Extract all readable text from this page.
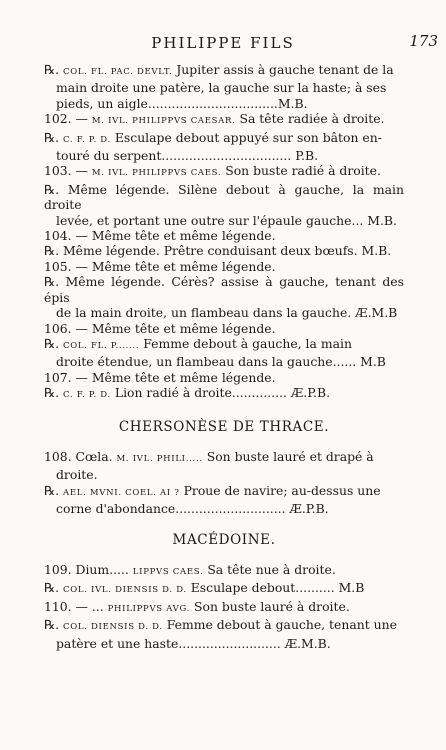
PHILIPPE FILS	173

℞. COL. FL. PAC. DEVLT. Jupiter assis à gauche tenant de la

main droite une patère, la gauche sur la haste; à ses

pieds, un aigle.................................M.B.

102. — M. IVL. PHILIPPVS CAESAR. Sa tête radiée à droite.

℞. C. F. P. D. Esculape debout appuyé sur son bâton en-

touré du serpent................................. P.B.

103. — M. IVL. PHILIPPVS CAES. Son buste radié à droite.

℞. Même légende. Silène debout à gauche, la main droite

levée, et portant une outre sur l'épaule gauche... M.B.

104. — Même tête et même légende.

℞. Même légende. Prêtre conduisant deux bœufs. M.B.

105. — Même tête et même légende.

℞. Même légende. Cérès? assise à gauche, tenant des épis

de la main droite, un flambeau dans la gauche. Æ.M.B

106. — Même tête et même légende.

℞. COL. FL. P....... Femme debout à gauche, la main

droite étendue, un flambeau dans la gauche...... M.B

107. — Même tête et même légende.

℞. C. F. P. D. Lion radié à droite.............. Æ.P.B.

CHERSONÈSE DE THRACE.

108. Cœla. M. IVL. PHILI..... Son buste lauré et drapé à

droite.

℞. AEL. MVNI. COEL. AI ? Proue de navire; au-dessus une

corne d'abondance............................ Æ.P.B.

MACÉDOINE.

109. Dium..... LIPPVS CAES. Sa tête nue à droite.

℞. COL. IVL. DIENSIS D. D. Esculape debout.......... M.B

110. — ... PHILIPPVS AVG. Son buste lauré à droite.

℞. COL. DIENSIS D. D. Femme debout à gauche, tenant une

patère et une haste.......................... Æ.M.B.
